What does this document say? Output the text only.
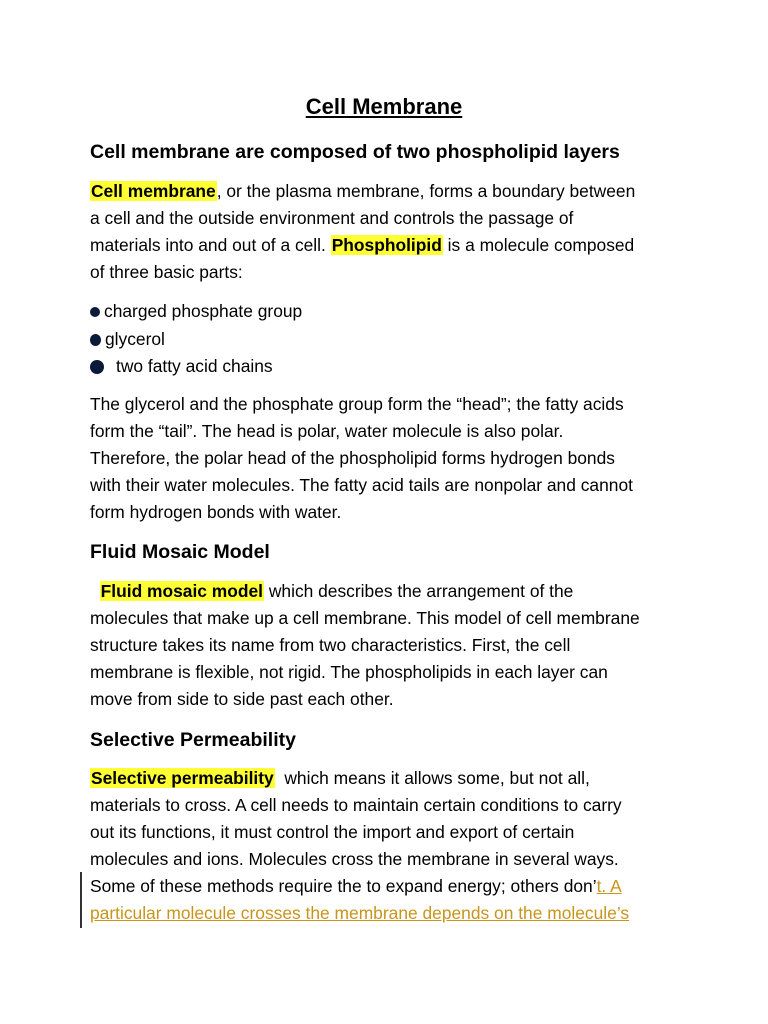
Cell Membrane
Cell membrane are composed of two phospholipid layers

Cell membrane, or the plasma membrane, forms a boundary between
a cell and the outside environment and controls the passage of
materials into and out of a cell. Phospholipid is a molecule composed
of three basic parts:

charged phosphate group
glycerol
two fatty acid chains

The glycerol and the phosphate group form the “head”; the fatty acids
form the “tail”. The head is polar, water molecule is also polar.
Therefore, the polar head of the phospholipid forms hydrogen bonds
with their water molecules. The fatty acid tails are nonpolar and cannot
form hydrogen bonds with water.

Fluid Mosaic Model

Fluid mosaic model which describes the arrangement of the
molecules that make up a cell membrane. This model of cell membrane
structure takes its name from two characteristics. First, the cell
membrane is flexible, not rigid. The phospholipids in each layer can
move from side to side past each other.

Selective Permeability

Selective permeability  which means it allows some, but not all,
materials to cross. A cell needs to maintain certain conditions to carry
out its functions, it must control the import and export of certain
molecules and ions. Molecules cross the membrane in several ways.
Some of these methods require the to expand energy; others don’t. A
particular molecule crosses the membrane depends on the molecule’s
